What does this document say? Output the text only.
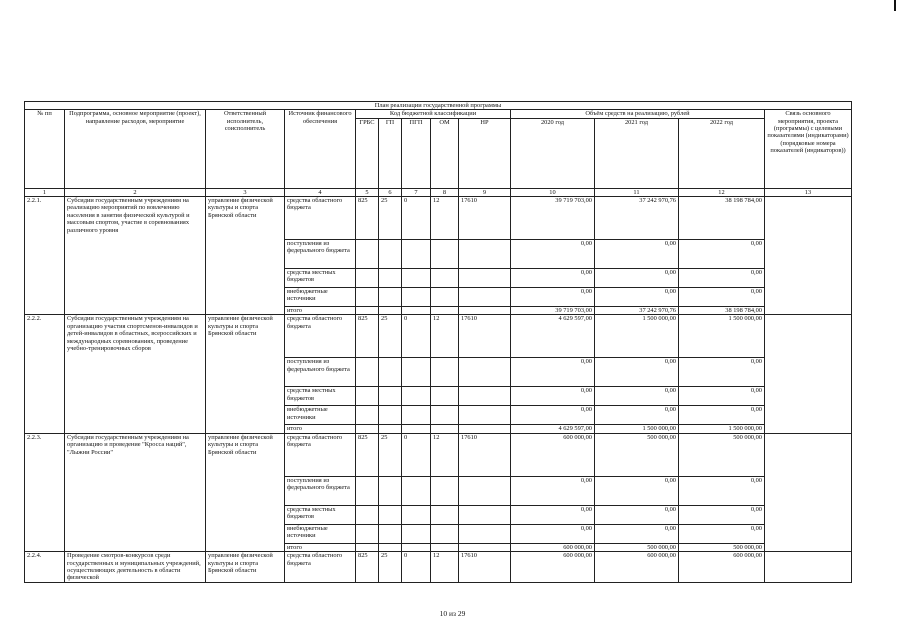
План реализации государственной программы												
№ пп	Подпрограмма, основное мероприятие (проект), направление расходов, мероприятие	Ответственный исполнитель, соисполнитель	Источник финансового обеспечения	Код бюджетной классификации					Объём средств на реализацию, рублей			Связь основного мероприятия, проекта (программы) с целевыми показателями (индикаторами) (порядковые номера показателей (индикаторов))
				ГРБС	ГП	ПГП	ОМ	НР	2020 год	2021 год	2022 год	
1	2	3	4	5	6	7	8	9	10	11	12	13
2.2.1.	Субсидии государственным учреждениям на реализацию мероприятий по вовлечению населения в занятия физической культурой и массовым спортом, участие в соревнованиях различного уровня	управление физической культуры и спорта Брянской области	средства областного бюджета	825	25	0	12	17610	39 719 703,00	37 242 970,76	38 198 784,00	
			поступления из федерального бюджета						0,00	0,00	0,00	
			средства местных бюджетов						0,00	0,00	0,00	
			внебюджетные источники						0,00	0,00	0,00	
			итого						39 719 703,00	37 242 970,76	38 198 784,00	
2.2.2.	Субсидии государственным учреждениям на организацию участия спортсменов-инвалидов и детей-инвалидов в областных, всероссийских и международных соревнованиях, проведение учебно-тренировочных сборов	управление физической культуры и спорта Брянской области	средства областного бюджета	825	25	0	12	17610	4 629 597,00	1 500 000,00	1 500 000,00	
			поступления из федерального бюджета						0,00	0,00	0,00	
			средства местных бюджетов						0,00	0,00	0,00	
			внебюджетные источники						0,00	0,00	0,00	
			итого						4 629 597,00	1 500 000,00	1 500 000,00	
2.2.3.	Субсидии государственным учреждениям на организацию и проведение "Кросса наций", "Лыжни России"	управление физической культуры и спорта Брянской области	средства областного бюджета	825	25	0	12	17610	600 000,00	500 000,00	500 000,00	
			поступления из федерального бюджета						0,00	0,00	0,00	
			средства местных бюджетов						0,00	0,00	0,00	
			внебюджетные источники						0,00	0,00	0,00	
			итого						600 000,00	500 000,00	500 000,00	
2.2.4.	Проведение смотров-конкурсов среди государственных и муниципальных учреждений, осуществляющих деятельность в области физической	управление физической культуры и спорта Брянской области	средства областного бюджета	825	25	0	12	17610	600 000,00	600 000,00	600 000,00	
10 из 29
